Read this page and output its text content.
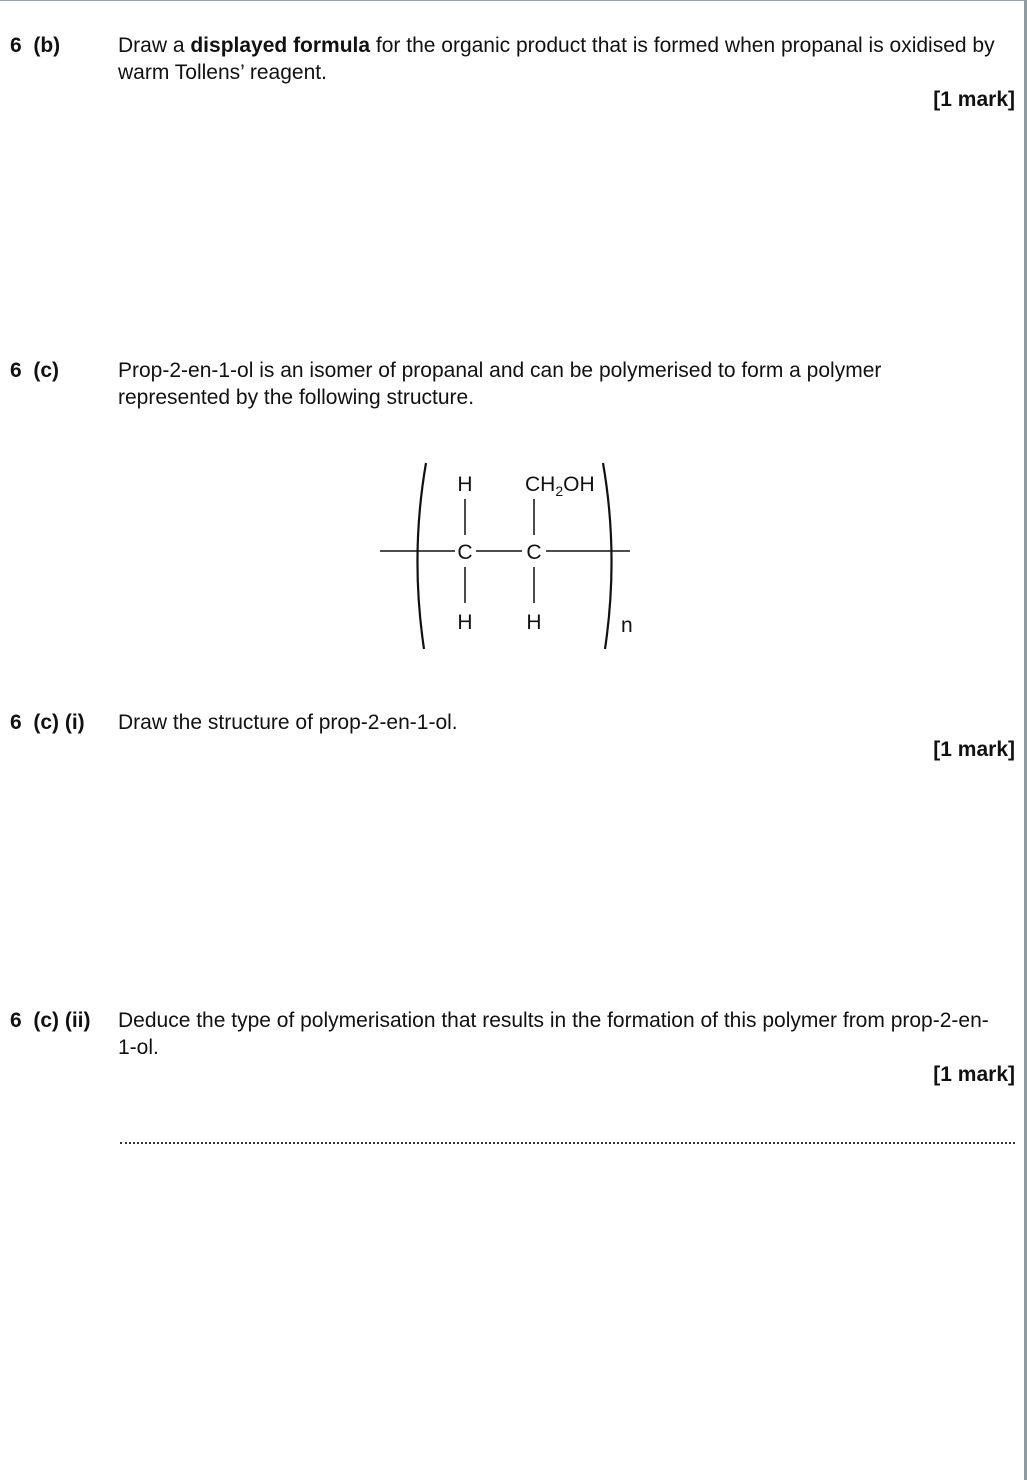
6  (b)	Draw a displayed formula for the organic product that is formed when propanal is oxidised by warm Tollens’ reagent.
[1 mark]
6  (c)	Prop-2-en-1-ol is an isomer of propanal and can be polymerised to form a polymer represented by the following structure.
H $CH_2OH$
C	C
H	H	n
6  (c) (i) Draw the structure of prop-2-en-1-ol.
[1 mark]
6  (c) (ii) Deduce the type of polymerisation that results in the formation of this polymer from prop-2-en-1-ol.
[1 mark]
